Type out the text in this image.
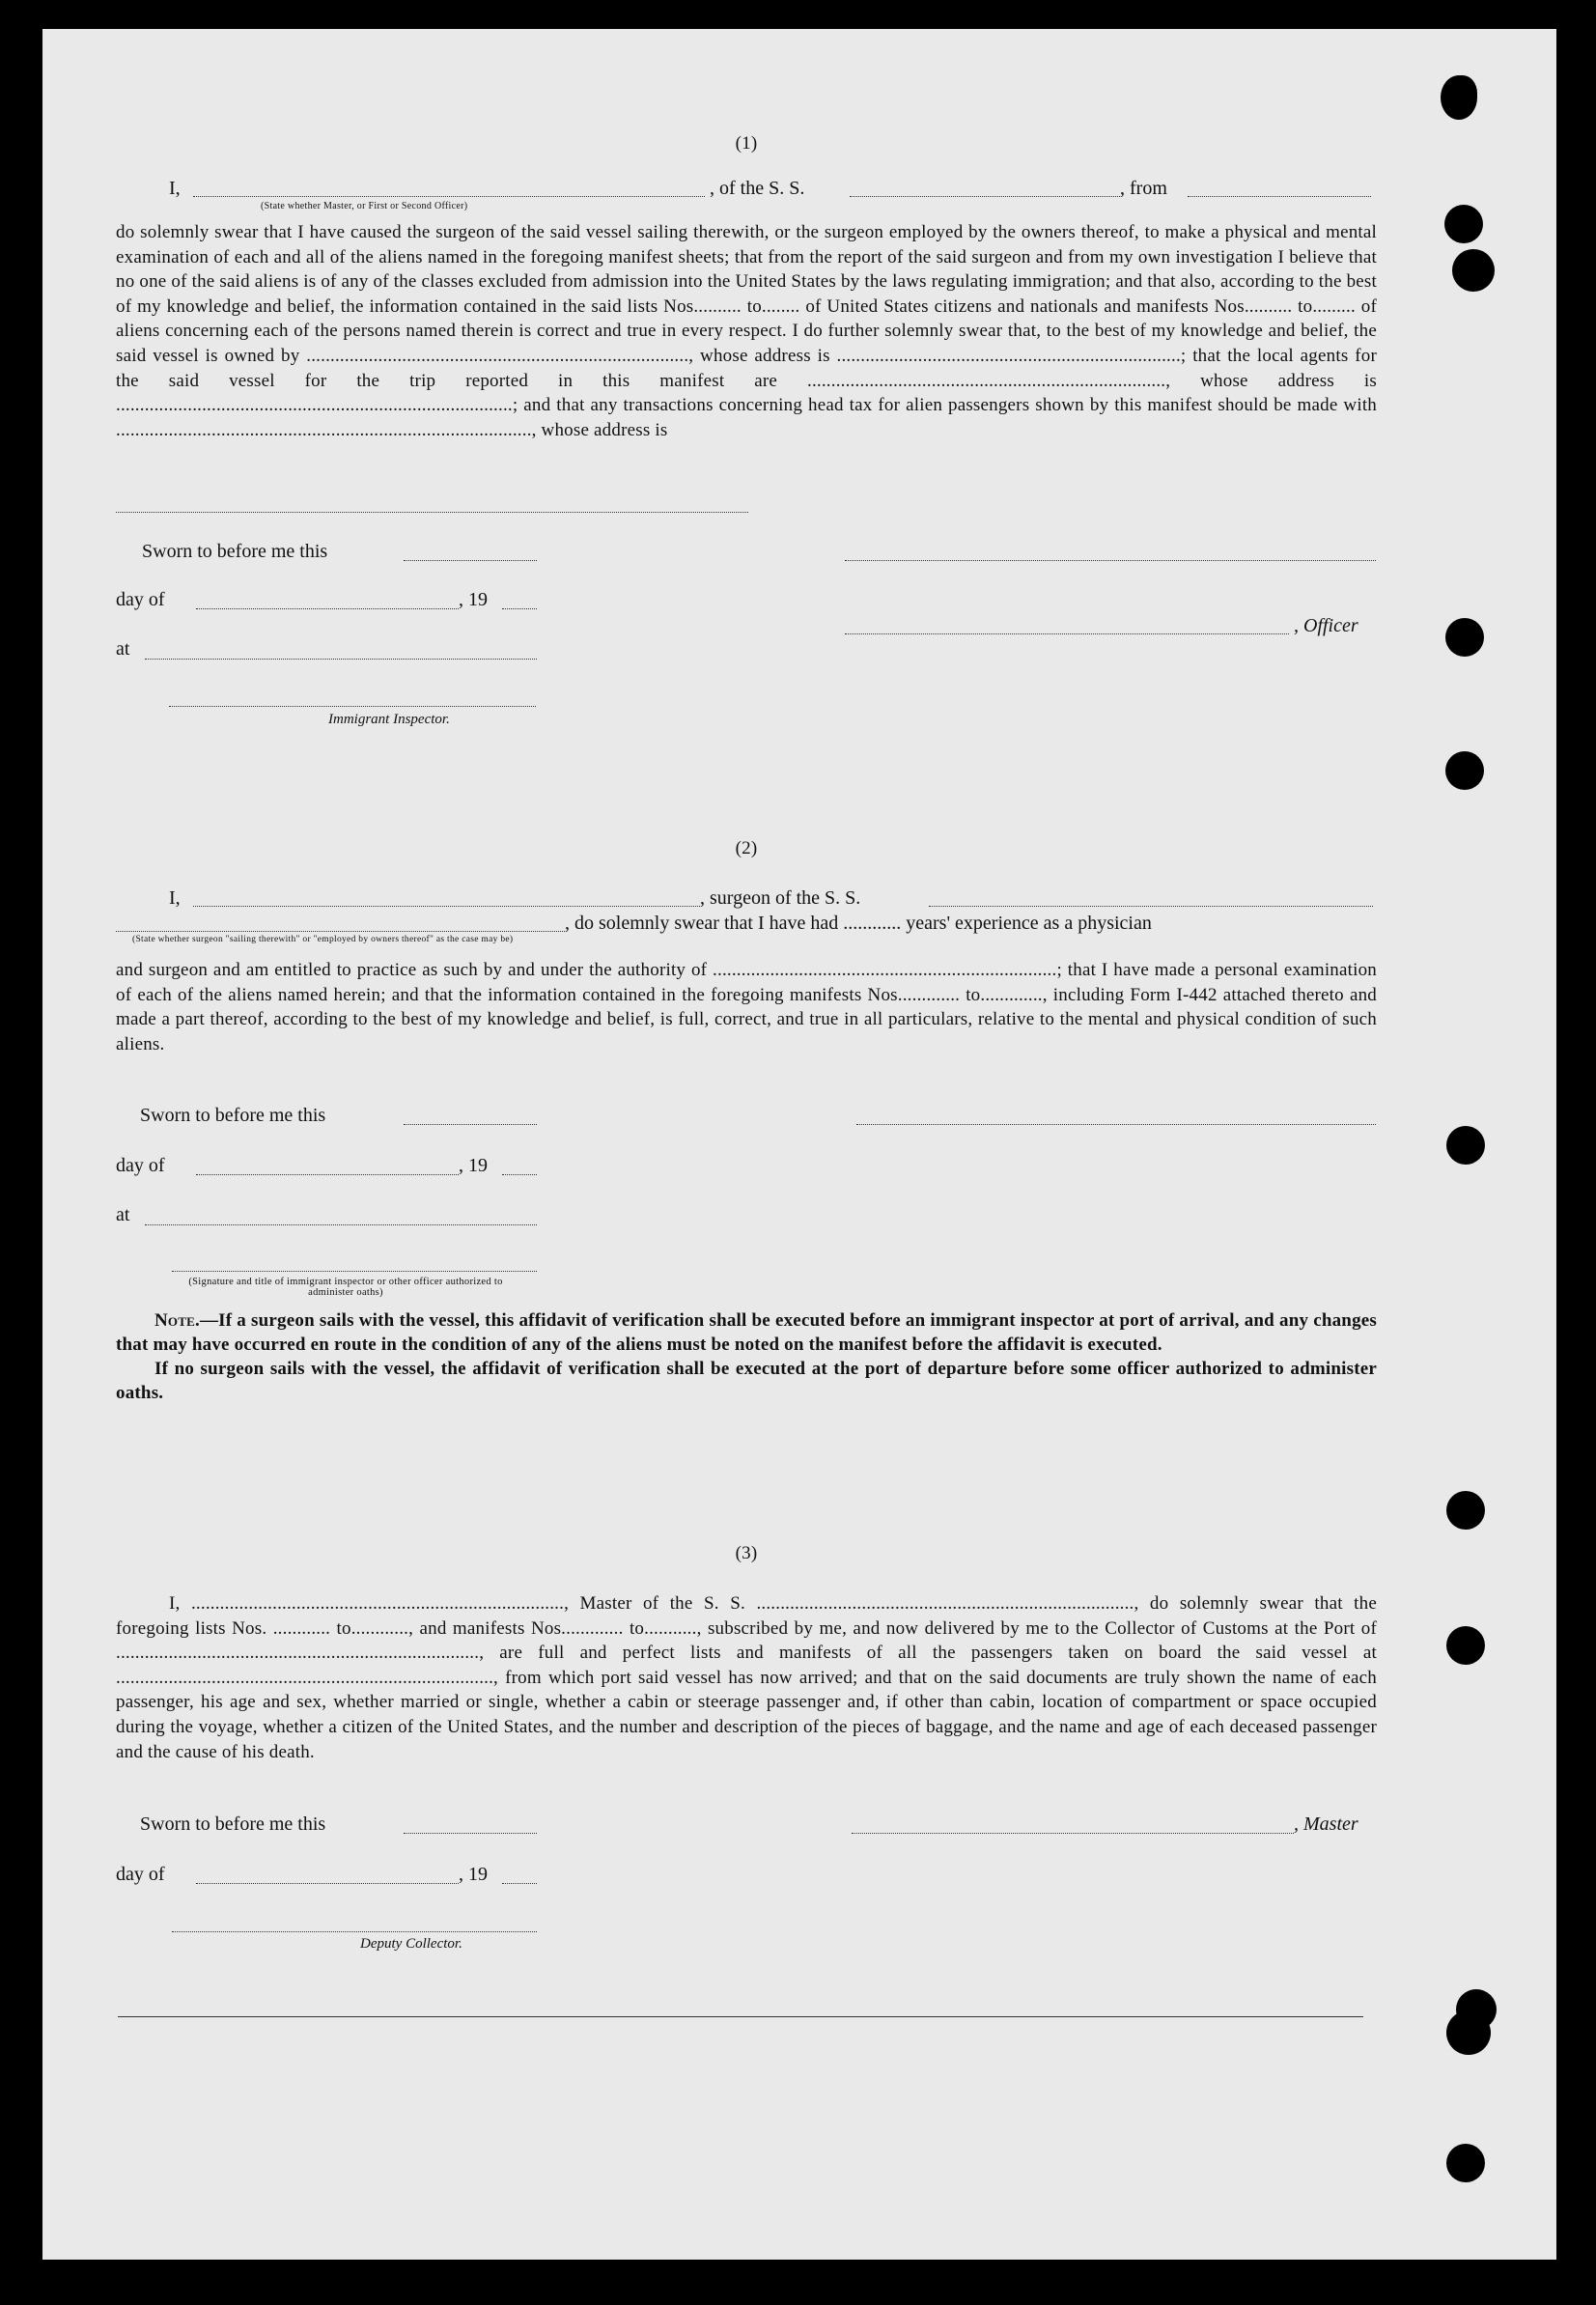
(1)
I,	, of the S. S.	, from
(State whether Master, or First or Second Officer)

do solemnly swear that I have caused the surgeon of the said vessel sailing therewith, or the surgeon employed by the owners thereof, to make a physical and mental examination of each and all of the aliens named in the foregoing manifest sheets; that from the report of the said surgeon and from my own investigation I believe that no one of the said aliens is of any of the classes excluded from admission into the United States by the laws regulating immigration; and that also, according to the best of my knowledge and belief, the information contained in the said lists Nos.......... to........ of United States citizens and nationals and manifests Nos.......... to......... of aliens concerning each of the persons named therein is correct and true in every respect. I do further solemnly swear that, to the best of my knowledge and belief, the said vessel is owned by ................................................................................, whose address is ........................................................................; that the local agents for the said vessel for the trip reported in this manifest are ..........................................................................., whose address is ...................................................................................; and that any transactions concerning head tax for alien passengers shown by this manifest should be made with ......................................................................................., whose address is

Sworn to before me this
day of	, 19
, Officer
at
Immigrant Inspector.
(2)
I,	, surgeon of the S. S.
, do solemnly swear that I have had ............ years' experience as a physician
(State whether surgeon "sailing therewith" or "employed by owners thereof" as the case may be)

and surgeon and am entitled to practice as such by and under the authority of ........................................................................; that I have made a personal examination of each of the aliens named herein; and that the information contained in the foregoing manifests Nos............. to............., including Form I-442 attached thereto and made a part thereof, according to the best of my knowledge and belief, is full, correct, and true in all particulars, relative to the mental and physical condition of such aliens.

Sworn to before me this
day of	, 19
at
(Signature and title of immigrant inspector or other officer authorized to administer oaths)

Note.—If a surgeon sails with the vessel, this affidavit of verification shall be executed before an immigrant inspector at port of arrival, and any changes that may have occurred en route in the condition of any of the aliens must be noted on the manifest before the affidavit is executed.

If no surgeon sails with the vessel, the affidavit of verification shall be executed at the port of departure before some officer authorized to administer oaths.

(3)

I, .............................................................................., Master of the S. S. ..............................................................................., do solemnly swear that the foregoing lists Nos. ............ to............, and manifests Nos............. to..........., subscribed by me, and now delivered by me to the Collector of Customs at the Port of ............................................................................, are full and perfect lists and manifests of all the passengers taken on board the said vessel at ..............................................................................., from which port said vessel has now arrived; and that on the said documents are truly shown the name of each passenger, his age and sex, whether married or single, whether a cabin or steerage passenger and, if other than cabin, location of compartment or space occupied during the voyage, whether a citizen of the United States, and the number and description of the pieces of baggage, and the name and age of each deceased passenger and the cause of his death.

Sworn to before me this	, Master
day of	, 19
Deputy Collector.
